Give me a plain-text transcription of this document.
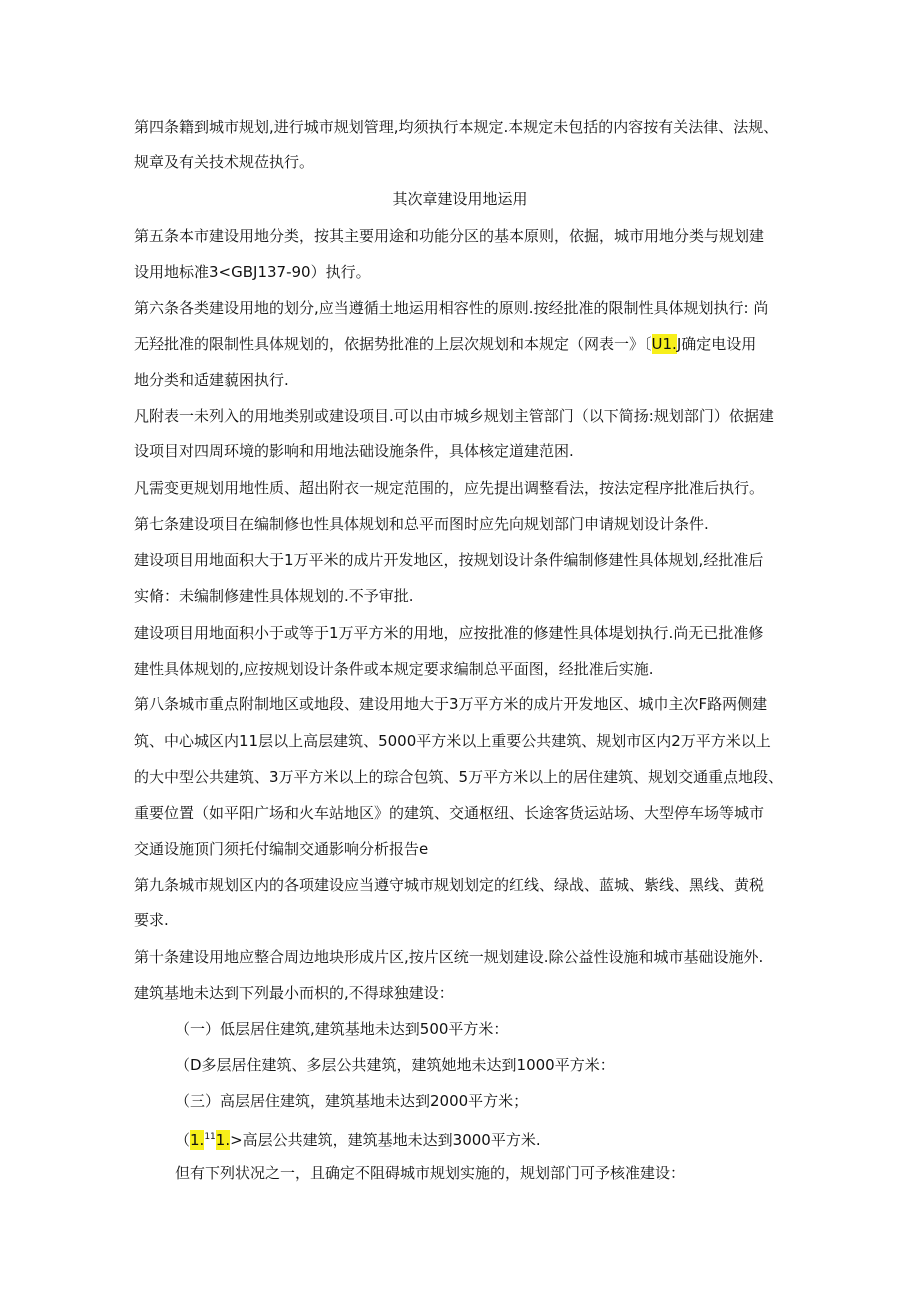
第四条籍到城市规划,进行城市规划管理,均须执行本规定.本规定未包括的内容按有关法律、法规、
规章及有关技术规莅执行。
其次章建设用地运用
第五条本市建设用地分类，按其主要用途和功能分区的基本原则，依掘，城市用地分类与规划建
设用地标准3<GBJ137-90）执行。
第六条各类建设用地的划分,应当遵循土地运用相容性的原则.按经批准的限制性具体规划执行: 尚
无羟批准的限制性具体规划的，依据势批准的上层次规划和本规定（网表一》〔U1.J确定电设用
地分类和适建藐困执行.
凡附表一未列入的用地类别或建设项目.可以由市城乡规划主管部门（以下简扬:规划部门）依据建
设项目对四周环境的影响和用地法础设施条件，具体核定道建范困.
凡需变更规划用地性质、超出附衣一规定范围的，应先提出调整看法，按法定程序批准后执行。
第七条建设项目在编制修也性具体规划和总平而图时应先向规划部门申请规划设计条件.
建设项目用地面积大于1万平米的成片开发地区，按规划设计条件编制修建性具体规划,经批准后
实脩：未编制修建性具体规划的.不予审批.
建设项目用地面积小于或等于1万平方米的用地，应按批准的修建性具体堤划执行.尚无已批准修
建性具体规划的,应按规划设计条件或本规定要求编制总平面图，经批准后实施.
第八条城市重点附制地区或地段、建设用地大于3万平方米的成片开发地区、城巾主次F路两侧建
筑、中心城区内11层以上高层建筑、5000平方米以上重要公共建筑、规划市区内2万平方米以上
的大中型公共建筑、3万平方米以上的琮合包筑、5万平方米以上的居住建筑、规划交通重点地段、
重要位置（如平阳广场和火车站地区》的建筑、交通枢纽、长途客货运站场、大型停车场等城市
交通设施顶门须托付编制交通影响分析报告e
第九条城市规划区内的各项建设应当遵守城市规划划定的红线、绿战、蓝城、紫线、黑线、黄税
要求.
第十条建设用地应整合周边地块形成片区,按片区统一规划建设.除公益性设施和城市基础设施外.
建筑基地未达到下列最小而枳的,不得球独建设：
（一）低层居住建筑,建筑基地未达到500平方米：
（D多层居住建筑、多层公共建筑，建筑她地未达到1000平方米：
（三）高层居住建筑，建筑基地未达到2000平方米；
（1.111.>高层公共建筑，建筑基地未达到3000平方米.
但有下列状况之一，且确定不阻碍城市规划实施的，规划部门可予核准建设：
